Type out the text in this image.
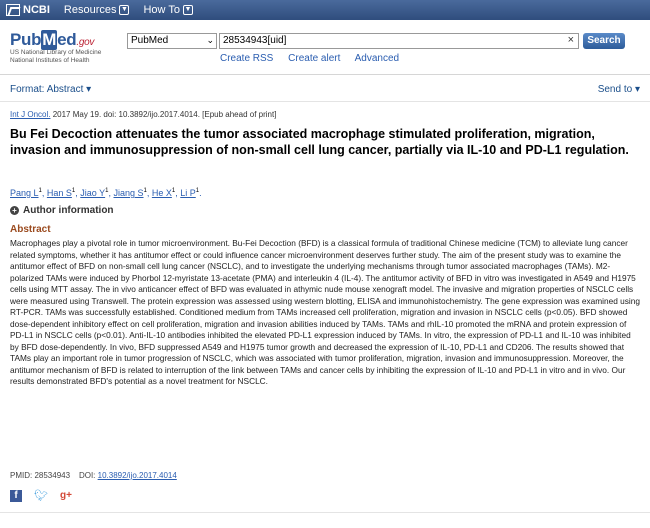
NCBI Resources ▼ How To ▼
PubMed.gov
US National Library of Medicine
National Institutes of Health
PubMed	⌄ 28534943[uid]	×	Search
Create RSS Create alert Advanced
Format: Abstract ▾	Send to ▾
Int J Oncol. 2017 May 19. doi: 10.3892/ijo.2017.4014. [Epub ahead of print]
Bu Fei Decoction attenuates the tumor associated macrophage stimulated proliferation, migration, invasion and immunosuppression of non-small cell lung cancer, partially via IL-10 and PD-L1 regulation.
Pang $L^1$, Han $S^1$, Jiao $Y^1$, Jiang $S^1$, He $X^1$, Li $P^1$.
+ Author information
Abstract
Macrophages play a pivotal role in tumor microenvironment. Bu-Fei Decoction (BFD) is a classical formula of traditional Chinese medicine (TCM) to alleviate lung cancer related symptoms, whether it has antitumor effect or could influence cancer microenvironment deserves further study. The aim of the present study was to examine the antitumor effect of BFD on non-small cell lung cancer (NSCLC), and to investigate the underlying mechanisms through tumor associated macrophages (TAMs). M2-polarized TAMs were induced by Phorbol 12-myristate 13-acetate (PMA) and interleukin 4 (IL-4). The antitumor activity of BFD in vitro was investigated in A549 and H1975 cells using MTT assay. The in vivo anticancer effect of BFD was evaluated in athymic nude mouse xenograft model. The invasive and migration properties of NSCLC cells were measured using Transwell. The protein expression was assessed using western blotting, ELISA and immunohistochemistry. The gene expression was examined using RT-PCR. TAMs was successfully established. Conditioned medium from TAMs increased cell proliferation, migration and invasion in NSCLC cells (p<0.05). BFD showed dose-dependent inhibitory effect on cell proliferation, migration and invasion abilities induced by TAMs. TAMs and rhIL-10 promoted the mRNA and protein expression of PD-L1 in NSCLC cells (p<0.01). Anti-IL-10 antibodies inhibited the elevated PD-L1 expression induced by TAMs. In vitro, the expression of PD-L1 and IL-10 was inhibited by BFD dose-dependently. In vivo, BFD suppressed A549 and H1975 tumor growth and decreased the expression of IL-10, PD-L1 and CD206. The results showed that TAMs play an important role in tumor progression of NSCLC, which was associated with tumor proliferation, migration, invasion and immunosuppression. Moreover, the antitumor mechanism of BFD is related to interruption of the link between TAMs and cancer cells by inhibiting the expression of IL-10 and PD-L1 in vitro and in vivo. Our results demonstrated BFD's potential as a novel treatment for NSCLC.
PMID: 28534943 DOI: 10.3892/ijo.2017.4014
f	🐦︎ g+
